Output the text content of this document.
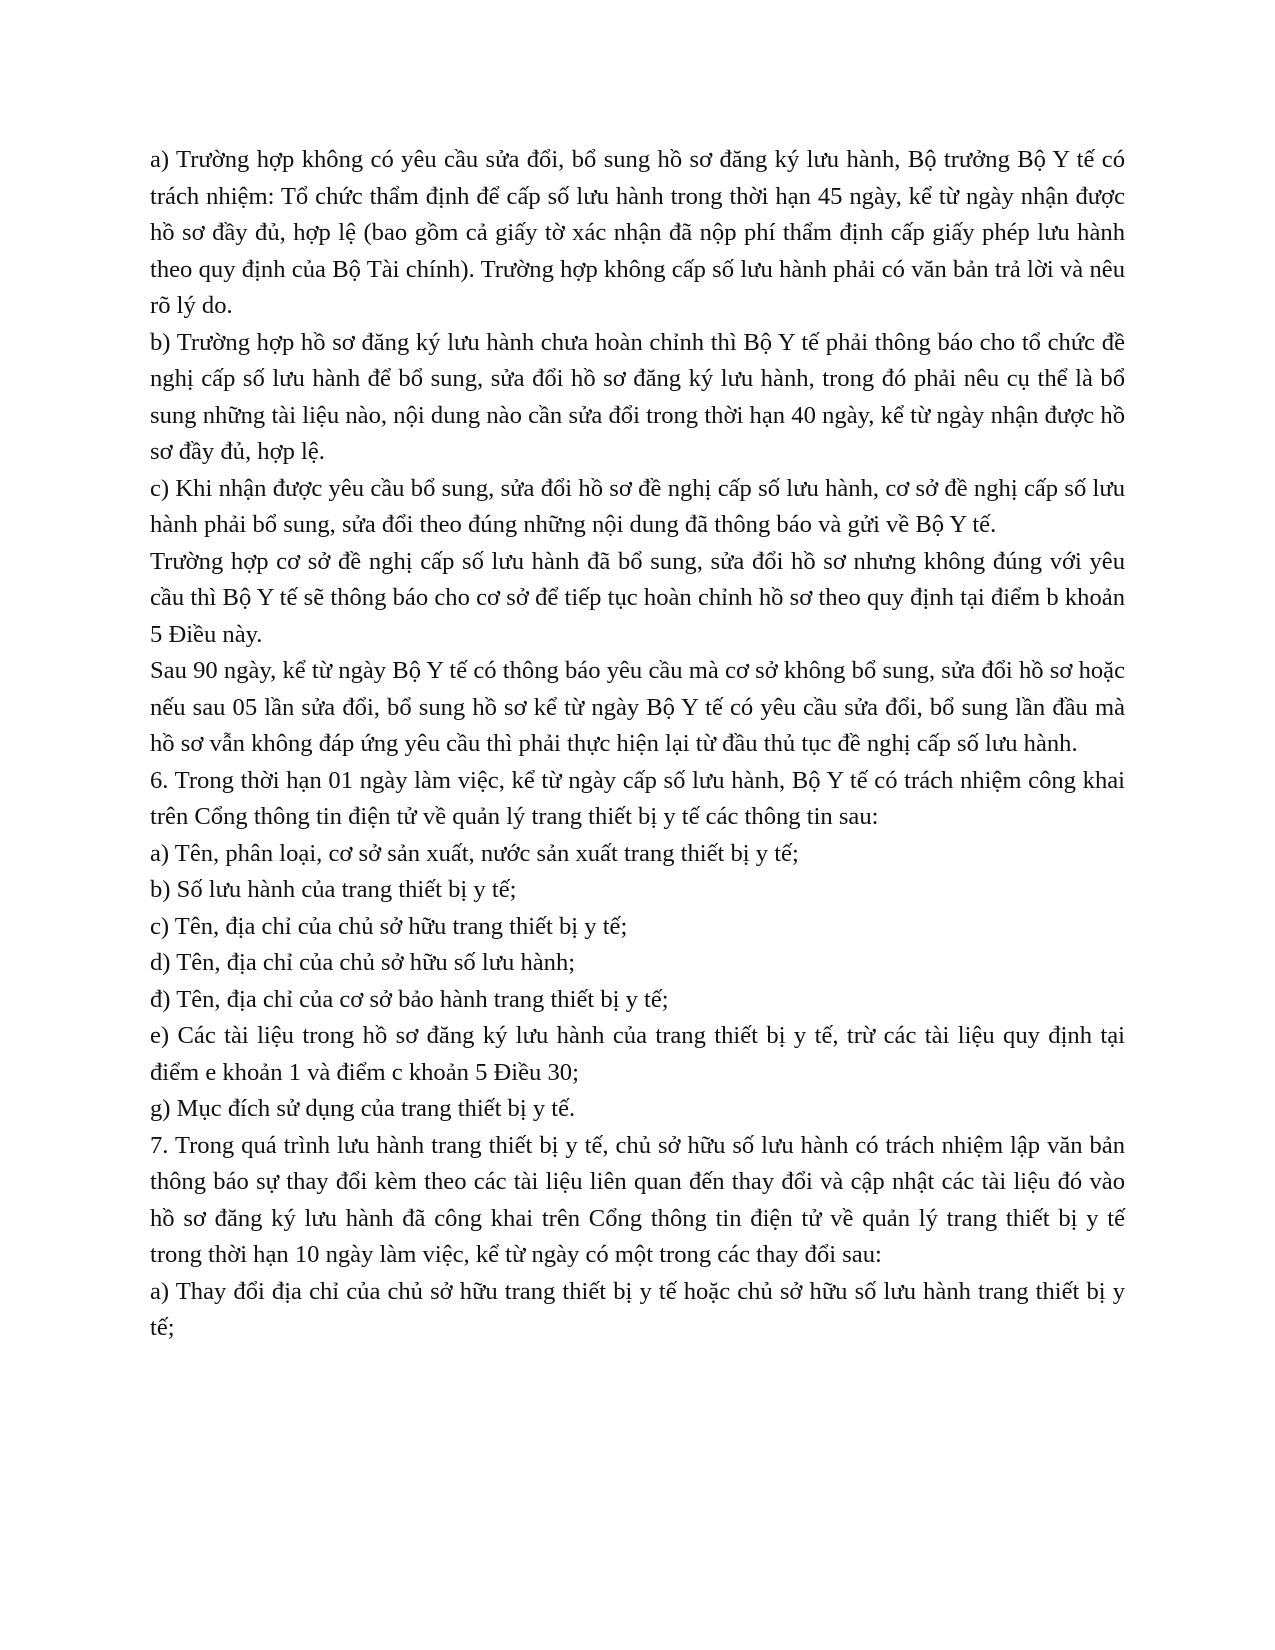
a) Trường hợp không có yêu cầu sửa đổi, bổ sung hồ sơ đăng ký lưu hành, Bộ trưởng Bộ Y tế có trách nhiệm: Tổ chức thẩm định để cấp số lưu hành trong thời hạn 45 ngày, kể từ ngày nhận được hồ sơ đầy đủ, hợp lệ (bao gồm cả giấy tờ xác nhận đã nộp phí thẩm định cấp giấy phép lưu hành theo quy định của Bộ Tài chính). Trường hợp không cấp số lưu hành phải có văn bản trả lời và nêu rõ lý do.

b) Trường hợp hồ sơ đăng ký lưu hành chưa hoàn chỉnh thì Bộ Y tế phải thông báo cho tổ chức đề nghị cấp số lưu hành để bổ sung, sửa đổi hồ sơ đăng ký lưu hành, trong đó phải nêu cụ thể là bổ sung những tài liệu nào, nội dung nào cần sửa đổi trong thời hạn 40 ngày, kể từ ngày nhận được hồ sơ đầy đủ, hợp lệ.

c) Khi nhận được yêu cầu bổ sung, sửa đổi hồ sơ đề nghị cấp số lưu hành, cơ sở đề nghị cấp số lưu hành phải bổ sung, sửa đổi theo đúng những nội dung đã thông báo và gửi về Bộ Y tế.

Trường hợp cơ sở đề nghị cấp số lưu hành đã bổ sung, sửa đổi hồ sơ nhưng không đúng với yêu cầu thì Bộ Y tế sẽ thông báo cho cơ sở để tiếp tục hoàn chỉnh hồ sơ theo quy định tại điểm b khoản 5 Điều này.

Sau 90 ngày, kể từ ngày Bộ Y tế có thông báo yêu cầu mà cơ sở không bổ sung, sửa đổi hồ sơ hoặc nếu sau 05 lần sửa đổi, bổ sung hồ sơ kể từ ngày Bộ Y tế có yêu cầu sửa đổi, bổ sung lần đầu mà hồ sơ vẫn không đáp ứng yêu cầu thì phải thực hiện lại từ đầu thủ tục đề nghị cấp số lưu hành.

6. Trong thời hạn 01 ngày làm việc, kể từ ngày cấp số lưu hành, Bộ Y tế có trách nhiệm công khai trên Cổng thông tin điện tử về quản lý trang thiết bị y tế các thông tin sau:

a) Tên, phân loại, cơ sở sản xuất, nước sản xuất trang thiết bị y tế;

b) Số lưu hành của trang thiết bị y tế;

c) Tên, địa chỉ của chủ sở hữu trang thiết bị y tế;

d) Tên, địa chỉ của chủ sở hữu số lưu hành;

đ) Tên, địa chỉ của cơ sở bảo hành trang thiết bị y tế;

e) Các tài liệu trong hồ sơ đăng ký lưu hành của trang thiết bị y tế, trừ các tài liệu quy định tại điểm e khoản 1 và điểm c khoản 5 Điều 30;

g) Mục đích sử dụng của trang thiết bị y tế.

7. Trong quá trình lưu hành trang thiết bị y tế, chủ sở hữu số lưu hành có trách nhiệm lập văn bản thông báo sự thay đổi kèm theo các tài liệu liên quan đến thay đổi và cập nhật các tài liệu đó vào hồ sơ đăng ký lưu hành đã công khai trên Cổng thông tin điện tử về quản lý trang thiết bị y tế trong thời hạn 10 ngày làm việc, kể từ ngày có một trong các thay đổi sau:

a) Thay đổi địa chỉ của chủ sở hữu trang thiết bị y tế hoặc chủ sở hữu số lưu hành trang thiết bị y tế;
